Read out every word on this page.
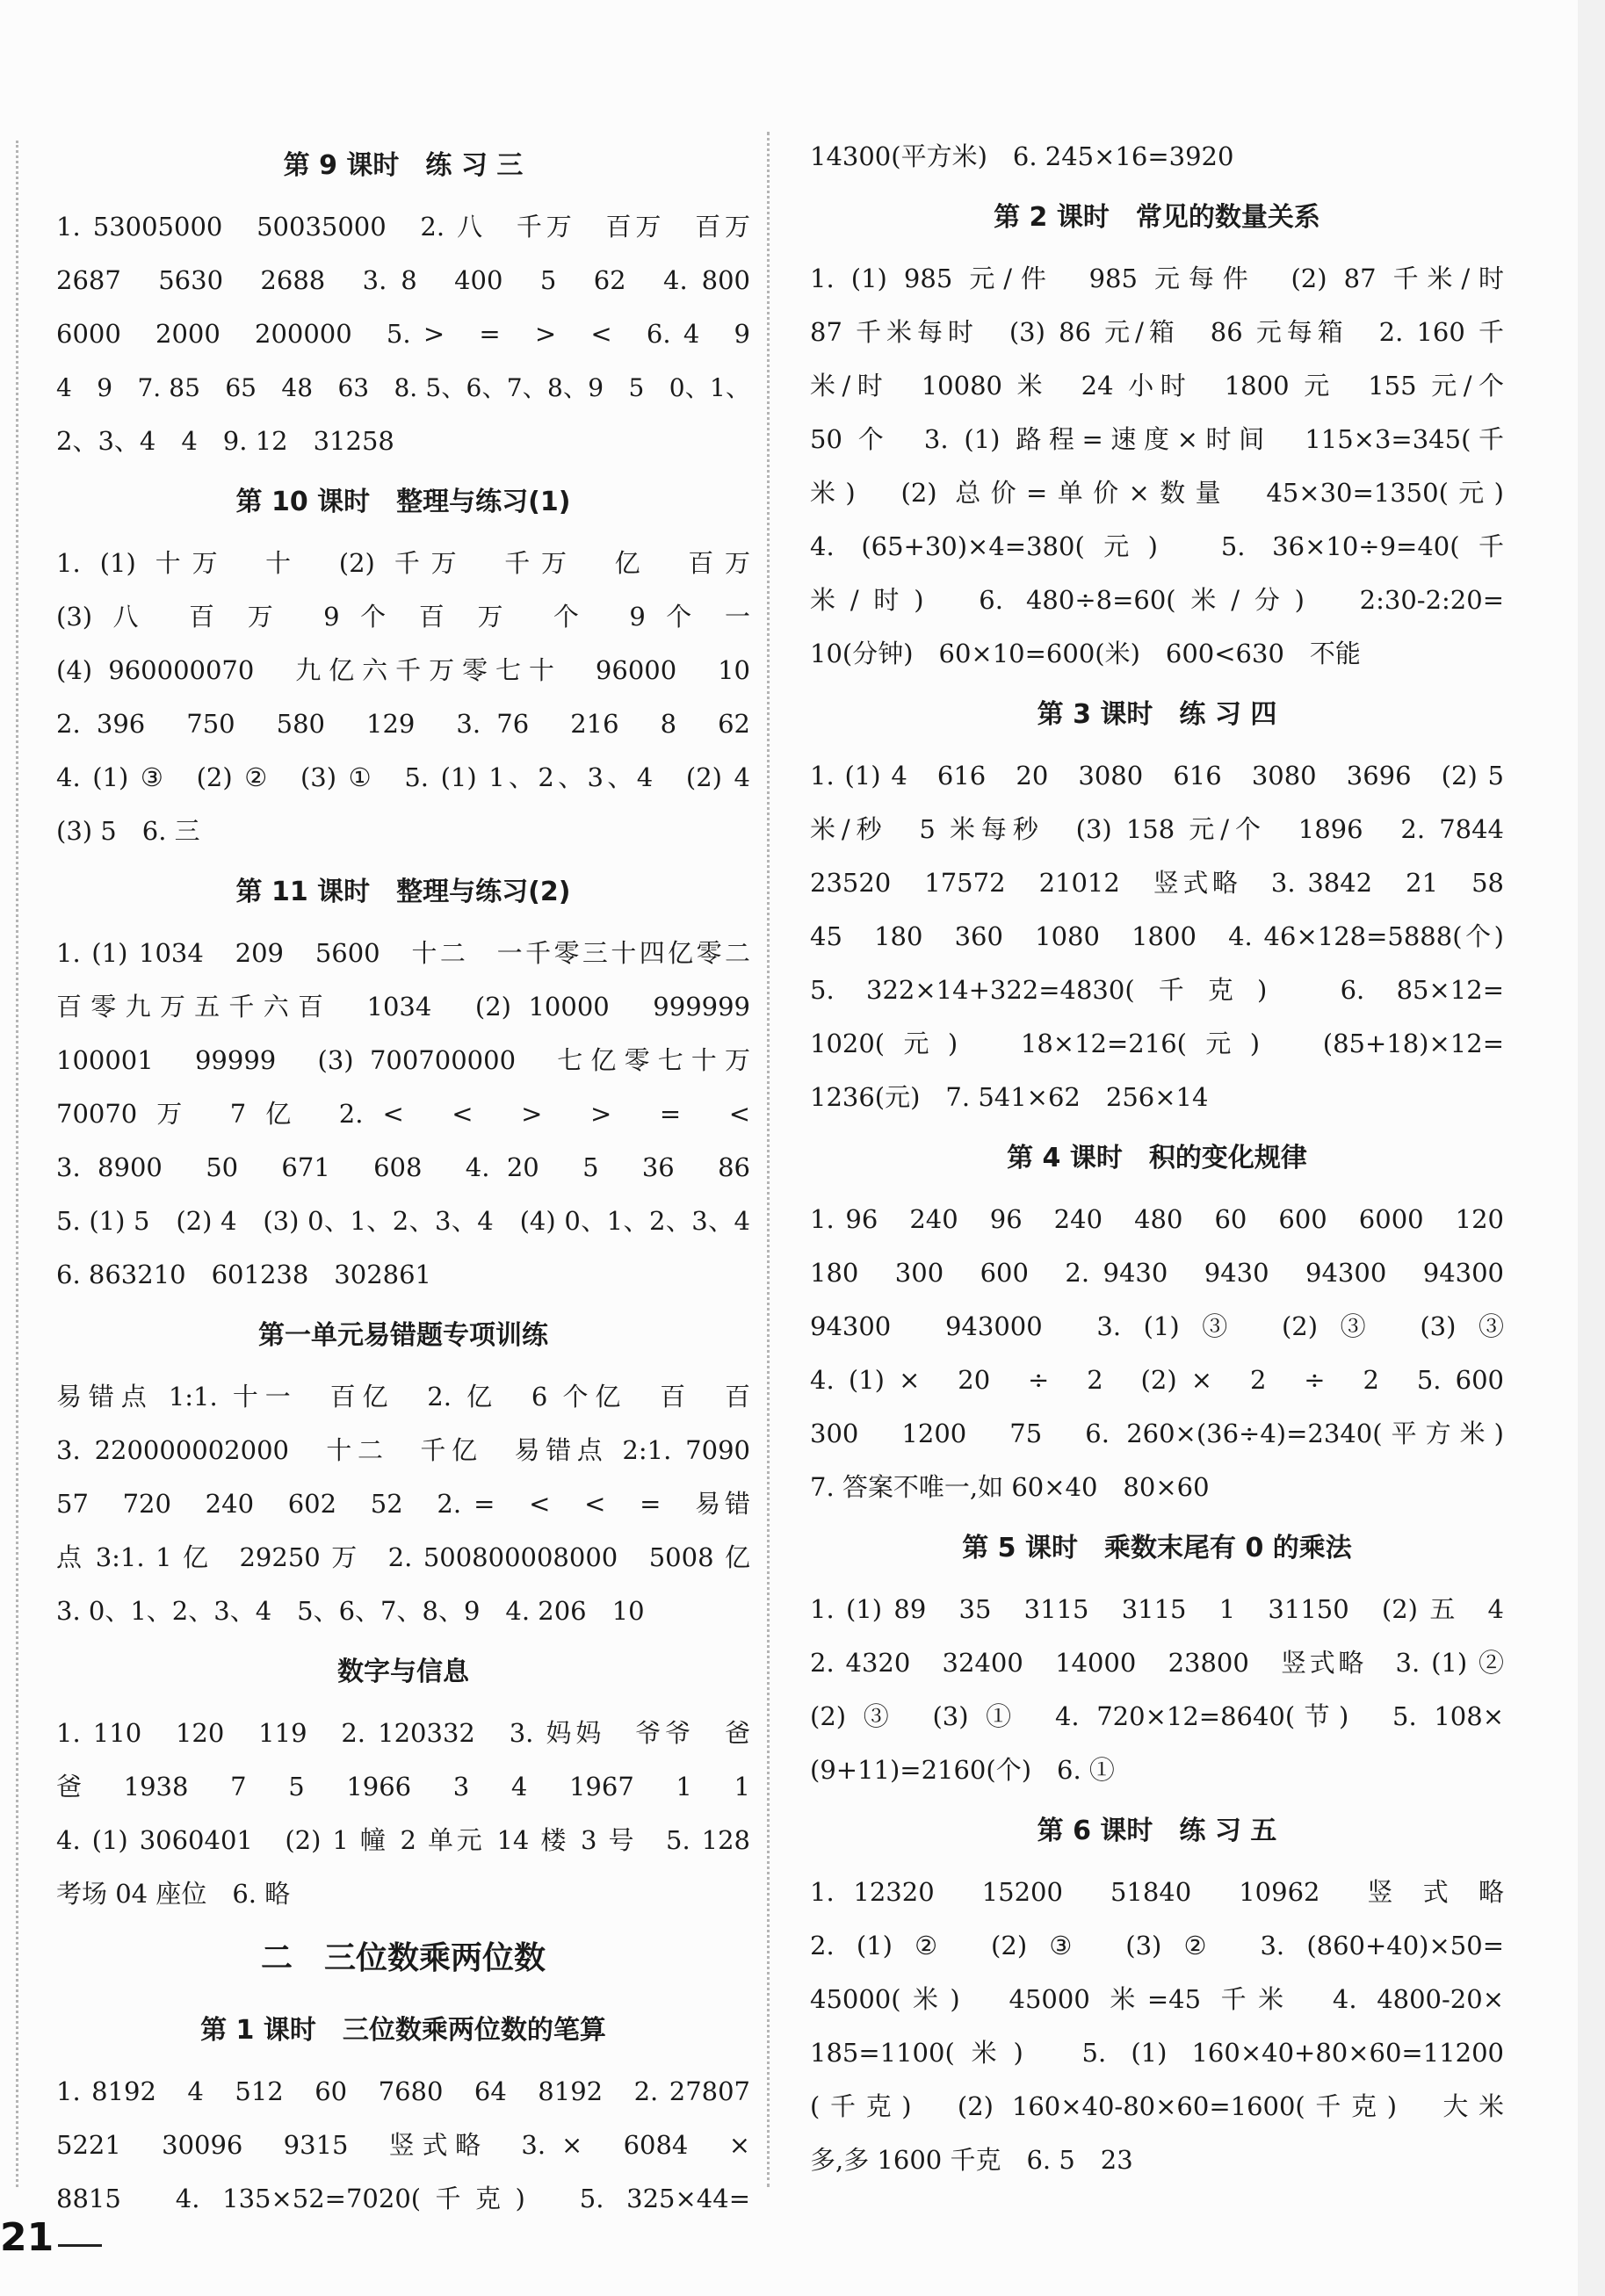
第 9 课时　练 习 三
1. 53005000　50035000　2. 八　千万　百万　百万
2687　5630　2688　3. 8　400　5　62　4. 800
6000　2000　200000　5. >　=　>　<　6. 4　9
4　9　7. 85　65　48　63　8. 5、6、7、8、9　5　0、1、
2、3、4　4　9. 12　31258
第 10 课时　整理与练习(1)
1. (1) 十万　十　(2) 千万　千万　亿　百万
(3) 八　百 万　9 个 百 万　个　9 个 一
(4) 960000070　九亿六千万零七十　96000　10
2. 396　750　580　129　3. 76　216　8　62
4. (1) ③　(2) ②　(3) ①　5. (1) 1、2、3、4　(2) 4
(3) 5　6. 三
第 11 课时　整理与练习(2)
1. (1) 1034　209　5600　十二　一千零三十四亿零二
百零九万五千六百　1034　(2) 10000　999999
100001　99999　(3) 700700000　七亿零七十万
70070 万　7 亿　2. <　<　>　>　=　<
3. 8900　50　671　608　4. 20　5　36　86
5. (1) 5　(2) 4　(3) 0、1、2、3、4　(4) 0、1、2、3、4
6. 863210　601238　302861
第一单元易错题专项训练
易错点 1:1. 十一　百亿　2. 亿　6 个亿　百　百
3. 220000002000　十二　千亿　易错点 2:1. 7090
57　720　240　602　52　2. =　<　<　=　易错
点 3:1. 1 亿　29250 万　2. 500800008000　5008 亿
3. 0、1、2、3、4　5、6、7、8、9　4. 206　10
数字与信息
1. 110　120　119　2. 120332　3. 妈妈　爷爷　爸
爸　1938　7　5　1966　3　4　1967　1　1
4. (1) 3060401　(2) 1 幢 2 单元 14 楼 3 号　5. 128
考场 04 座位　6. 略
二　三位数乘两位数
第 1 课时　三位数乘两位数的笔算
1. 8192　4　512　60　7680　64　8192　2. 27807
5221　30096　9315　竖式略　3. ×　6084　×
8815　4. 135×52=7020(千克)　5. 325×44=
14300(平方米)　6. 245×16=3920
第 2 课时　常见的数量关系
1. (1) 985 元/件　985 元每件　(2) 87 千米/时
87 千米每时　(3) 86 元/箱　86 元每箱　2. 160 千
米/时　10080 米　24 小时　1800 元　155 元/个
50 个　3. (1) 路程=速度×时间　115×3=345(千
米)　(2) 总价=单价×数量　45×30=1350(元)
4. (65+30)×4=380(元)　5. 36×10÷9=40(千
米/时)　6. 480÷8=60(米/分)　2:30-2:20=
10(分钟)　60×10=600(米)　600<630　不能
第 3 课时　练 习 四
1. (1) 4　616　20　3080　616　3080　3696　(2) 5
米/秒　5 米每秒　(3) 158 元/个　1896　2. 7844
23520　17572　21012　竖式略　3. 3842　21　58
45　180　360　1080　1800　4. 46×128=5888(个)
5. 322×14+322=4830(千克)　6. 85×12=
1020(元)　18×12=216(元)　(85+18)×12=
1236(元)　7. 541×62　256×14
第 4 课时　积的变化规律
1. 96　240　96　240　480　60　600　6000　120
180　300　600　2. 9430　9430　94300　94300
94300　943000　3. (1) ③　(2) ③　(3) ③
4. (1) ×　20　÷　2　(2) ×　2　÷　2　5. 600
300　1200　75　6. 260×(36÷4)=2340(平方米)
7. 答案不唯一,如 60×40　80×60
第 5 课时　乘数末尾有 0 的乘法
1. (1) 89　35　3115　3115　1　31150　(2) 五　4
2. 4320　32400　14000　23800　竖式略　3. (1) ②
(2) ③　(3) ①　4. 720×12=8640(节)　5. 108×
(9+11)=2160(个)　6. ①
第 6 课时　练 习 五
1. 12320　15200　51840　10962　竖 式 略
2. (1) ②　(2) ③　(3) ②　3. (860+40)×50=
45000(米)　45000 米=45 千米　4. 4800-20×
185=1100(米)　5. (1) 160×40+80×60=11200
(千克)　(2) 160×40-80×60=1600(千克)　大米
多,多 1600 千克　6. 5　23
21
